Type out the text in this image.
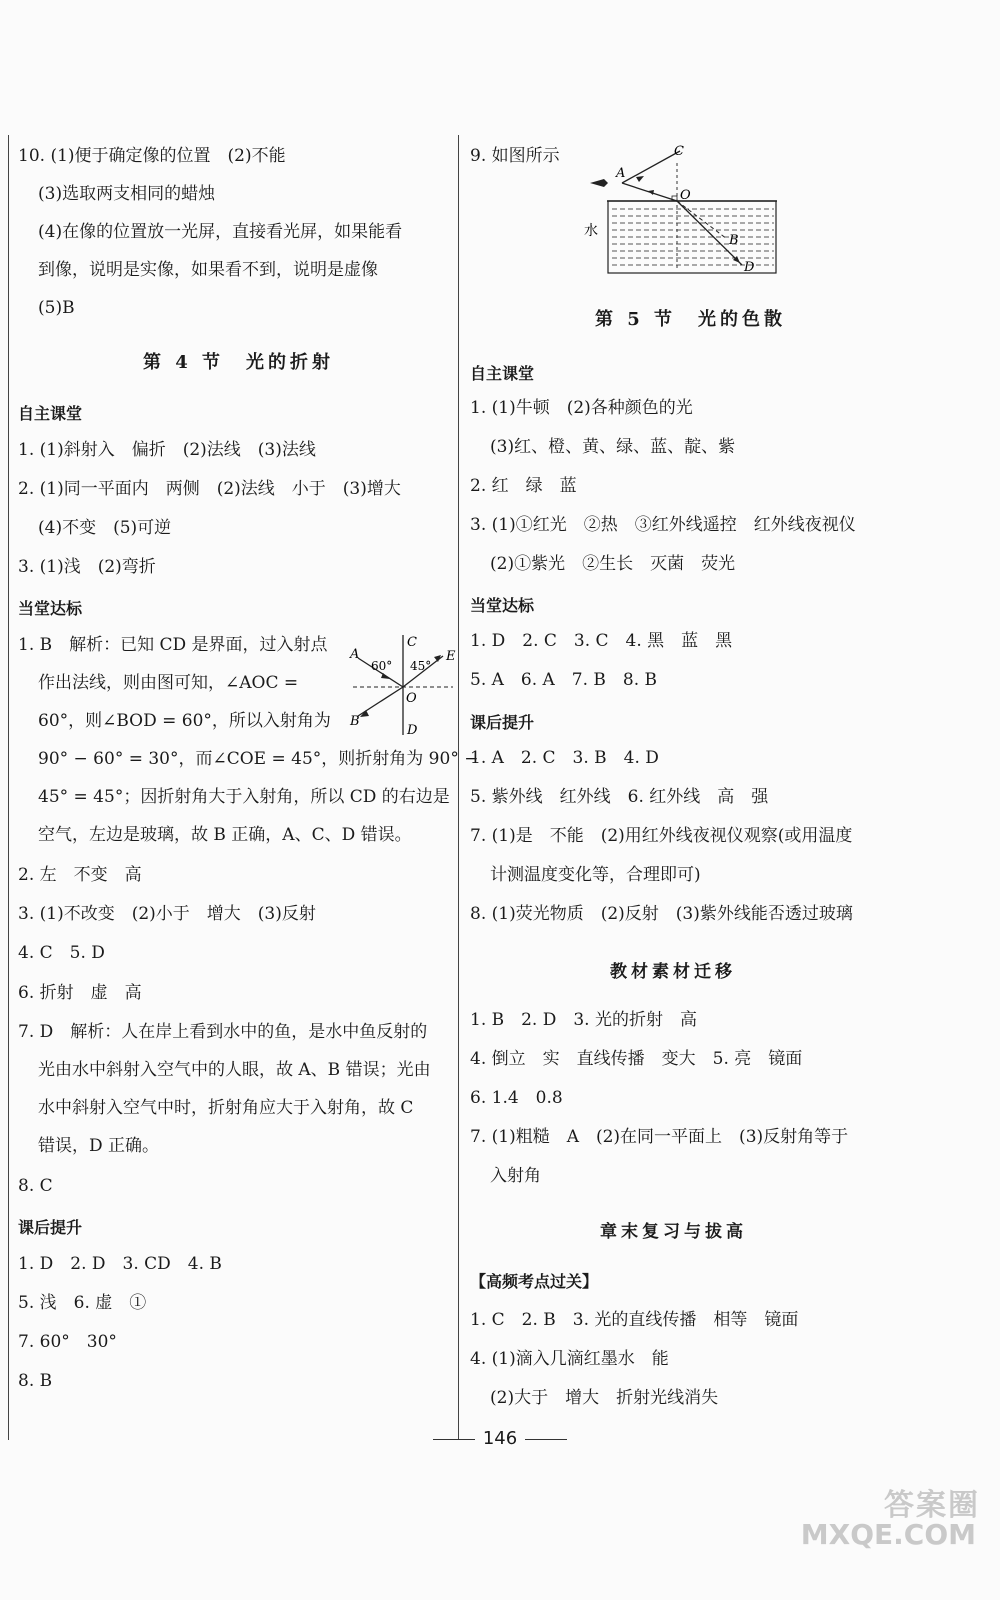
10. (1)便于确定像的位置　(2)不能
(3)选取两支相同的蜡烛
(4)在像的位置放一光屏，直接看光屏，如果能看
到像，说明是实像，如果看不到，说明是虚像
(5)B
第 4 节　光的折射
自主课堂
1. (1)斜射入　偏折　(2)法线　(3)法线
2. (1)同一平面内　两侧　(2)法线　小于　(3)增大
(4)不变　(5)可逆
3. (1)浅　(2)弯折
当堂达标
1. B　解析：已知 CD 是界面，过入射点
作出法线，则由图可知，∠AOC =
60°，则∠BOD = 60°，所以入射角为
90° − 60° = 30°，而∠COE = 45°，则折射角为 90° −
45° = 45°；因折射角大于入射角，所以 CD 的右边是
空气，左边是玻璃，故 B 正确，A、C、D 错误。
A
B
C
D
E
O
60° 45°
2. 左　不变　高
3. (1)不改变　(2)小于　增大　(3)反射
4. C　5. D
6. 折射　虚　高
7. D　解析：人在岸上看到水中的鱼，是水中鱼反射的
光由水中斜射入空气中的人眼，故 A、B 错误；光由
水中斜射入空气中时，折射角应大于入射角，故 C
错误，D 正确。
8. C
课后提升
1. D　2. D　3. CD　4. B
5. 浅　6. 虚　①
7. 60°　30°
8. B
9. 如图所示	C
A
O
B
D
水
第 5 节　光的色散
自主课堂
1. (1)牛顿　(2)各种颜色的光
(3)红、橙、黄、绿、蓝、靛、紫
2. 红　绿　蓝
3. (1)①红光　②热　③红外线遥控　红外线夜视仪
(2)①紫光　②生长　灭菌　荧光
当堂达标
1. D　2. C　3. C　4. 黑　蓝　黑
5. A　6. A　7. B　8. B
课后提升
1. A　2. C　3. B　4. D
5. 紫外线　红外线　6. 红外线　高　强
7. (1)是　不能　(2)用红外线夜视仪观察(或用温度
计测温度变化等，合理即可)
8. (1)荧光物质　(2)反射　(3)紫外线能否透过玻璃
教材素材迁移
1. B　2. D　3. 光的折射　高
4. 倒立　实　直线传播　变大　5. 亮　镜面
6. 1.4　0.8
7. (1)粗糙　A　(2)在同一平面上　(3)反射角等于
入射角
章末复习与拔高
【高频考点过关】
1. C　2. B　3. 光的直线传播　相等　镜面
4. (1)滴入几滴红墨水　能
(2)大于　增大　折射光线消失
146
答案圈
MXQE.COM
